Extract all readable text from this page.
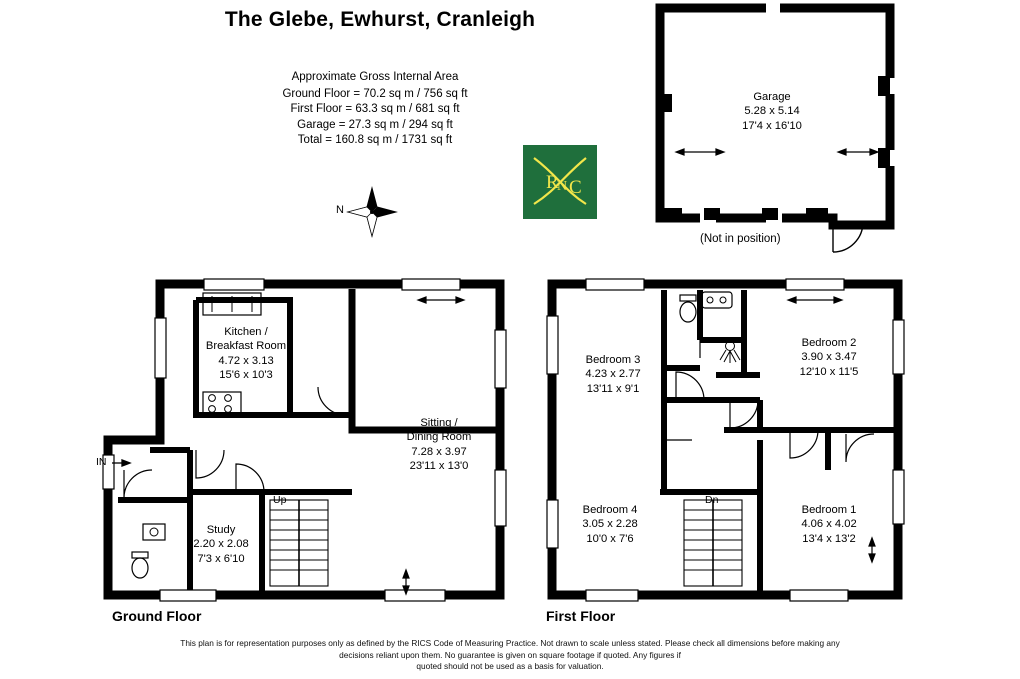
The Glebe, Ewhurst, Cranleigh
Approximate Gross Internal Area
Ground Floor = 70.2 sq m / 756 sq ft
First Floor = 63.3 sq m / 681 sq ft
Garage = 27.3 sq m / 294 sq ft
Total = 160.8 sq m / 1731 sq ft
R
N C
N
Kitchen /
Breakfast Room
4.72 x 3.13
15'6 x 10'3
Sitting /
Dining Room
7.28 x 3.97
23'11 x 13'0
Study
2.20 x 2.08
7'3 x 6'10
Bedroom 3
4.23 x 2.77
13'11 x 9'1
Bedroom 2
3.90 x 3.47
12'10 x 11'5
Bedroom 4
3.05 x 2.28
10'0 x 7'6
Bedroom 1
4.06 x 4.02
13'4 x 13'2
Garage
5.28 x 5.14
17'4 x 16'10
IN
Up	Dn
(Not in position)
Ground Floor	First Floor
This plan is for representation purposes only as defined by the RICS Code of Measuring Practice. Not drawn to scale unless stated. Please check all dimensions before making any
decisions reliant upon them. No guarantee is given on square footage if quoted. Any figures if
quoted should not be used as a basis for valuation.
